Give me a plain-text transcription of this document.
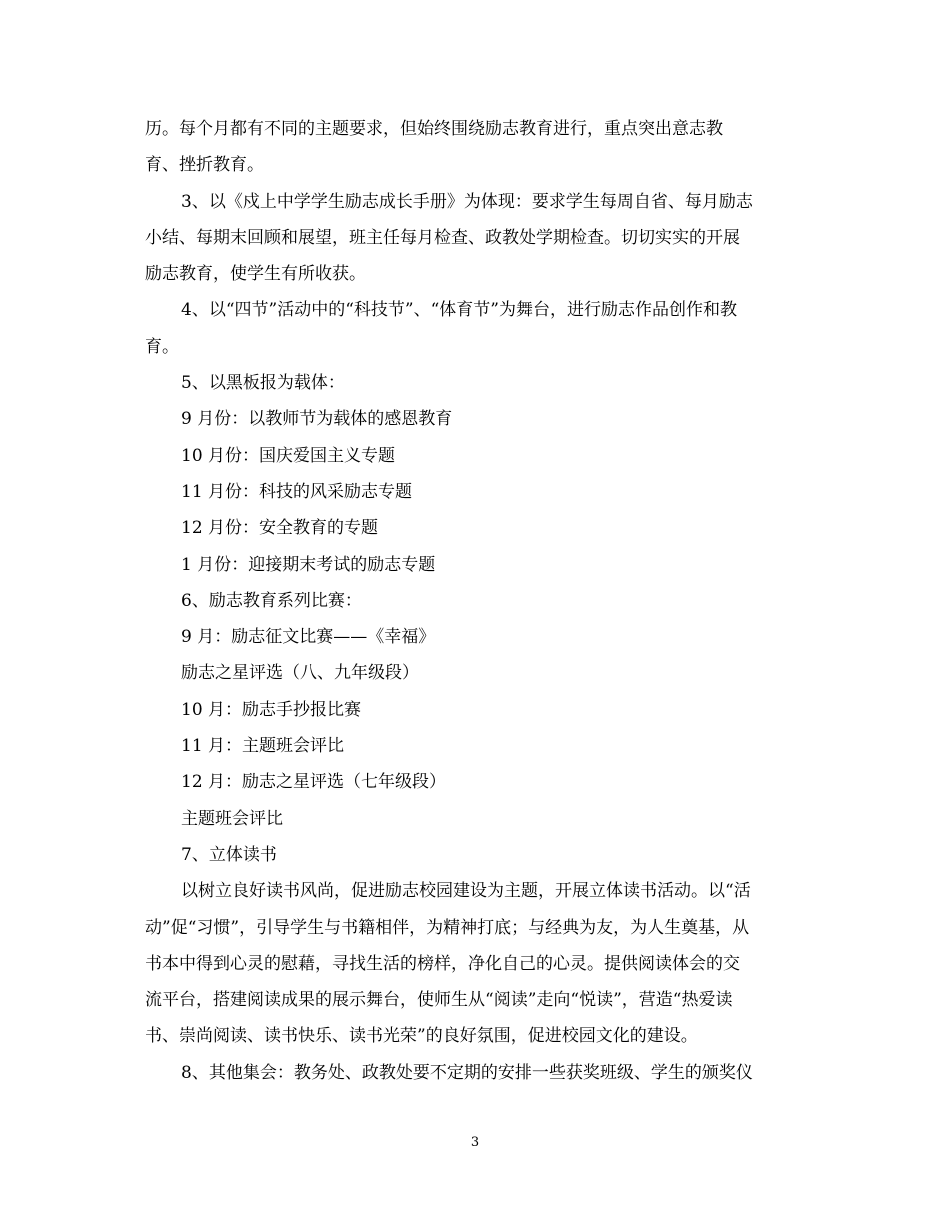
历。每个月都有不同的主题要求，但始终围绕励志教育进行，重点突出意志教
育、挫折教育。
3、以《戍上中学学生励志成长手册》为体现：要求学生每周自省、每月励志
小结、每期末回顾和展望，班主任每月检查、政教处学期检查。切切实实的开展
励志教育，使学生有所收获。
4、以“四节”活动中的“科技节”、“体育节”为舞台，进行励志作品创作和教
育。
5、以黑板报为载体：
9 月份：以教师节为载体的感恩教育
10 月份：国庆爱国主义专题
11 月份：科技的风采励志专题
12 月份：安全教育的专题
1 月份：迎接期末考试的励志专题
6、励志教育系列比赛：
9 月：励志征文比赛——《幸福》
励志之星评选（八、九年级段）
10 月：励志手抄报比赛
11 月：主题班会评比
12 月：励志之星评选（七年级段）
主题班会评比
7、立体读书
以树立良好读书风尚，促进励志校园建设为主题，开展立体读书活动。以“活
动”促“习惯”，引导学生与书籍相伴，为精神打底；与经典为友，为人生奠基，从
书本中得到心灵的慰藉，寻找生活的榜样，净化自己的心灵。提供阅读体会的交
流平台，搭建阅读成果的展示舞台，使师生从“阅读”走向“悦读”，营造“热爱读
书、崇尚阅读、读书快乐、读书光荣”的良好氛围，促进校园文化的建设。
8、其他集会：教务处、政教处要不定期的安排一些获奖班级、学生的颁奖仪
3
